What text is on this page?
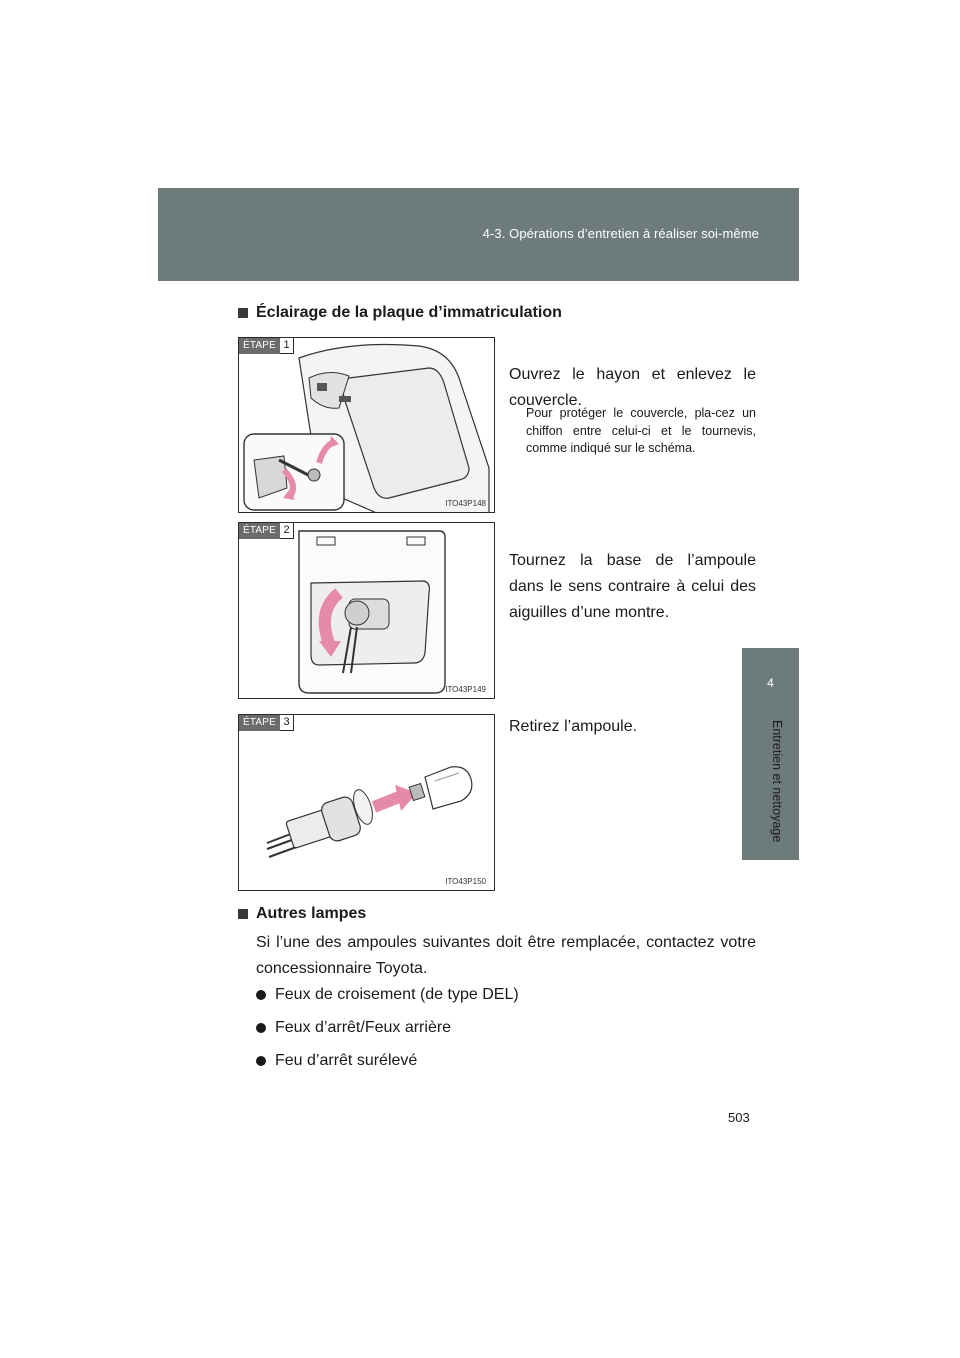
4-3. Opérations d’entretien à réaliser soi-même
4
Entretien et nettoyage
Éclairage de la plaque d’immatriculation
ÉTAPE 1
ITO43P148
Ouvrez le hayon et enlevez le couvercle.
Pour protéger le couvercle, pla-cez un chiffon entre celui-ci et le tournevis, comme indiqué sur le schéma.
ÉTAPE 2
ITO43P149
Tournez la base de l’ampoule dans le sens contraire à celui des aiguilles d’une montre.
ÉTAPE 3
ITO43P150
Retirez l’ampoule.
Autres lampes
Si l’une des ampoules suivantes doit être remplacée, contactez votre concessionnaire Toyota.
Feux de croisement (de type DEL)
Feux d’arrêt/Feux arrière
Feu d’arrêt surélevé
503
